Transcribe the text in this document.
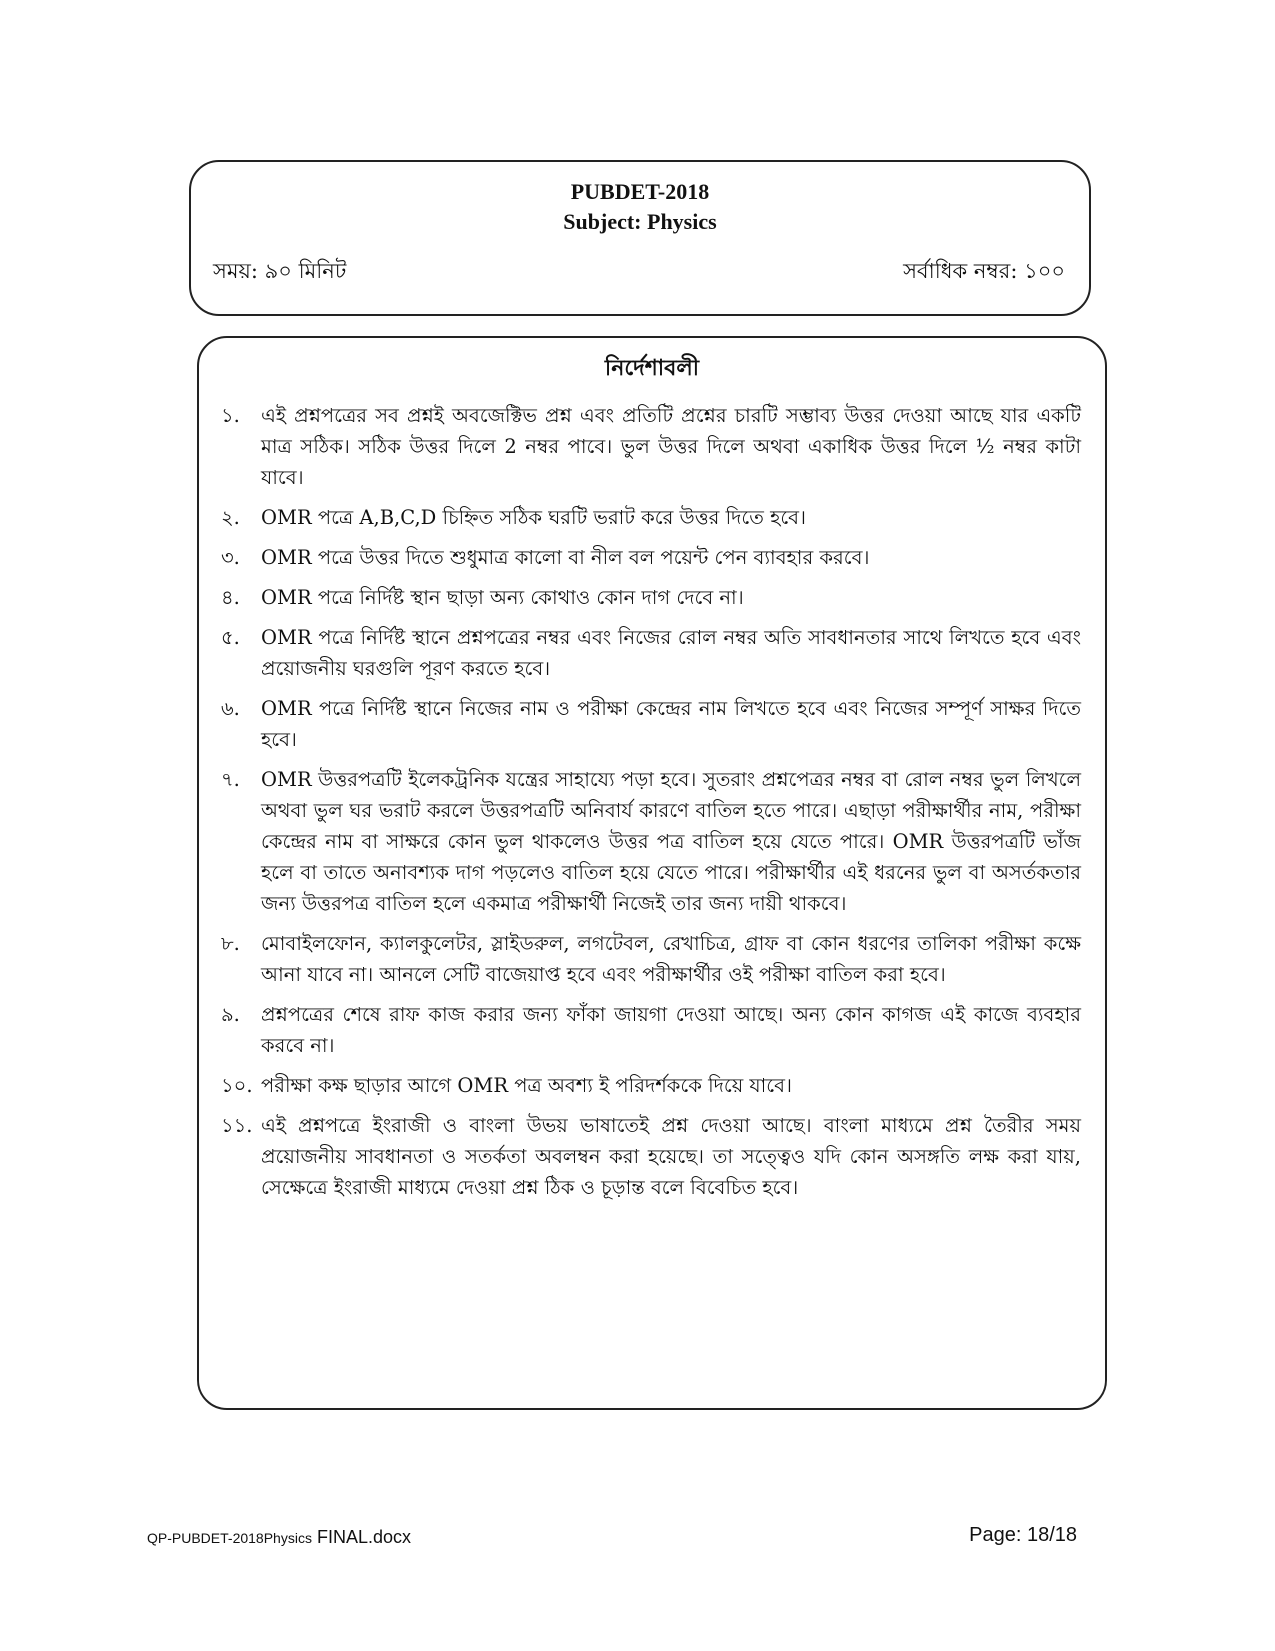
PUBDET-2018
Subject: Physics
সময়: ৯০ মিনিট	সর্বাধিক নম্বর: ১০০
নির্দেশাবলী
১.	এই প্রশ্নপত্রের সব প্রশ্নই অবজেক্টিভ প্রশ্ন এবং প্রতিটি প্রশ্নের চারটি সম্ভাব্য উত্তর দেওয়া আছে যার একটি মাত্র সঠিক। সঠিক উত্তর দিলে 2 নম্বর পাবে। ভুল উত্তর দিলে অথবা একাধিক উত্তর দিলে ½ নম্বর কাটা যাবে।
২.	OMR পত্রে A,B,C,D চিহ্নিত সঠিক ঘরটি ভরাট করে উত্তর দিতে হবে।
৩.	OMR পত্রে উত্তর দিতে শুধুমাত্র কালো বা নীল বল পয়েন্ট পেন ব্যাবহার করবে।
৪.	OMR পত্রে নির্দিষ্ট স্থান ছাড়া অন্য কোথাও কোন দাগ দেবে না।
৫.	OMR পত্রে নির্দিষ্ট স্থানে প্রশ্নপত্রের নম্বর এবং নিজের রোল নম্বর অতি সাবধানতার সাথে লিখতে হবে এবং প্রয়োজনীয় ঘরগুলি পূরণ করতে হবে।
৬.	OMR পত্রে নির্দিষ্ট স্থানে নিজের নাম ও পরীক্ষা কেন্দ্রের নাম লিখতে হবে এবং নিজের সম্পূর্ণ সাক্ষর দিতে হবে।
৭.	OMR উত্তরপত্রটি ইলেকট্রনিক যন্ত্রের সাহায্যে পড়া হবে। সুতরাং প্রশ্নপেত্রর নম্বর বা রোল নম্বর ভুল লিখলে অথবা ভুল ঘর ভরাট করলে উত্তরপত্রটি অনিবার্য কারণে বাতিল হতে পারে। এছাড়া পরীক্ষার্থীর নাম, পরীক্ষা কেন্দ্রের নাম বা সাক্ষরে কোন ভুল থাকলেও উত্তর পত্র বাতিল হয়ে যেতে পারে। OMR উত্তরপত্রটি ভাঁজ হলে বা তাতে অনাবশ্যক দাগ পড়লেও বাতিল হয়ে যেতে পারে। পরীক্ষার্থীর এই ধরনের ভুল বা অসর্তকতার জন্য উত্তরপত্র বাতিল হলে একমাত্র পরীক্ষার্থী নিজেই তার জন্য দায়ী থাকবে।
৮.	মোবাইলফোন, ক্যালকুলেটর, স্লাইডরুল, লগটেবল, রেখাচিত্র, গ্রাফ বা কোন ধরণের তালিকা পরীক্ষা কক্ষে আনা যাবে না। আনলে সেটি বাজেয়াপ্ত হবে এবং পরীক্ষার্থীর ওই পরীক্ষা বাতিল করা হবে।
৯.	প্রশ্নপত্রের শেষে রাফ কাজ করার জন্য ফাঁকা জায়গা দেওয়া আছে। অন্য কোন কাগজ এই কাজে ব্যবহার করবে না।
১০. পরীক্ষা কক্ষ ছাড়ার আগে OMR পত্র অবশ্য ই পরিদর্শককে দিয়ে যাবে।
১১. এই প্রশ্নপত্রে ইংরাজী ও বাংলা উভয় ভাষাতেই প্রশ্ন দেওয়া আছে। বাংলা মাধ্যমে প্রশ্ন তৈরীর সময় প্রয়োজনীয় সাবধানতা ও সতর্কতা অবলম্বন করা হয়েছে। তা সত্ত্বেও যদি কোন অসঙ্গতি লক্ষ করা যায়, সেক্ষেত্রে ইংরাজী মাধ্যমে দেওয়া প্রশ্ন ঠিক ও চূড়ান্ত বলে বিবেচিত হবে।
QP-PUBDET-2018Physics FINAL.docx	Page: 18/18
